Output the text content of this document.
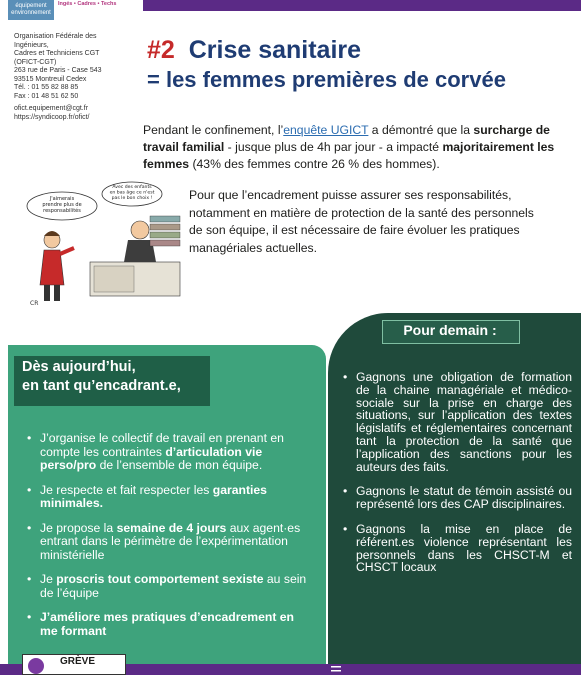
équipement
environnement
Ingés • Cadres • Techs
Organisation Fédérale des
Ingénieurs,
Cadres et Techniciens CGT
(OFICT-CGT)
263 rue de Paris - Case 543
93515 Montreuil Cedex
Tél. : 01 55 82 88 85
Fax : 01 48 51 62 50
ofict.equipement@cgt.fr
https://syndicoop.fr/ofict/
#2 Crise sanitaire
= les femmes premières de corvée
Pendant le confinement, l’enquête UGICT a démontré que la surcharge de travail familial - jusque plus de 4h par jour - a impacté majoritairement les femmes (43% des femmes contre 26 % des hommes).
Pour que l’encadrement puisse assurer ses responsabilités, notamment en matière de protection de la santé des personnels de son équipe, il est nécessaire de faire évoluer les pratiques managériales actuelles.
J'aimerais prendre plus de responsabilités
Avec des enfants en bas âge ce n'est pas le bon choix !
CR
Dès aujourd’hui,
en tant qu’encadrant.e,
• J’organise le collectif de travail en prenant en compte les contraintes d’articulation vie perso/pro de l’ensemble de mon équipe.
• Je respecte et fait respecter les garanties minimales.
• Je propose la semaine de 4 jours aux agent·es entrant dans le périmètre de l’expérimentation ministérielle
• Je proscris tout comportement sexiste au sein de l’équipe
• J’améliore mes pratiques d’encadrement en me formant
Pour demain :
• Gagnons une obligation de formation de la chaine managériale et médico-sociale sur la prise en charge des situations, sur l’application des textes législatifs et réglementaires concernant tant la protection de la santé que l’application des sanctions pour les auteurs des faits.
• Gagnons le statut de témoin assisté ou représenté lors des CAP disciplinaires.
• Gagnons la mise en place de référent.es violence représentant les personnels dans les CHSCT-M et CHSCT locaux
GRÈVE
